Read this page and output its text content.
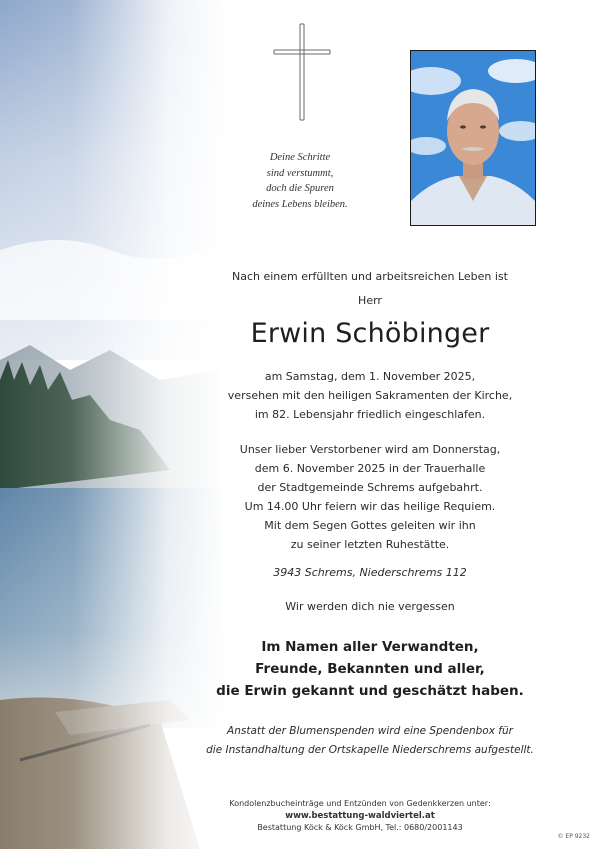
Deine Schritte
sind verstummt,
doch die Spuren
deines Lebens bleiben.
Nach einem erfüllten und arbeitsreichen Leben ist
Herr
Erwin Schöbinger
am Samstag, dem 1. November 2025,
versehen mit den heiligen Sakramenten der Kirche,
im 82. Lebensjahr friedlich eingeschlafen.
Unser lieber Verstorbener wird am Donnerstag,
dem 6. November 2025 in der Trauerhalle
der Stadtgemeinde Schrems aufgebahrt.
Um 14.00 Uhr feiern wir das heilige Requiem.
Mit dem Segen Gottes geleiten wir ihn
zu seiner letzten Ruhestätte.
3943 Schrems, Niederschrems 112
Wir werden dich nie vergessen
Im Namen aller Verwandten,
Freunde, Bekannten und aller,
die Erwin gekannt und geschätzt haben.
Anstatt der Blumenspenden wird eine Spendenbox für
die Instandhaltung der Ortskapelle Niederschrems aufgestellt.
Kondolenzbucheinträge und Entzünden von Gedenkkerzen unter:
www.bestattung-waldviertel.at
Bestattung Köck & Köck GmbH, Tel.: 0680/2001143
© EP 9232
